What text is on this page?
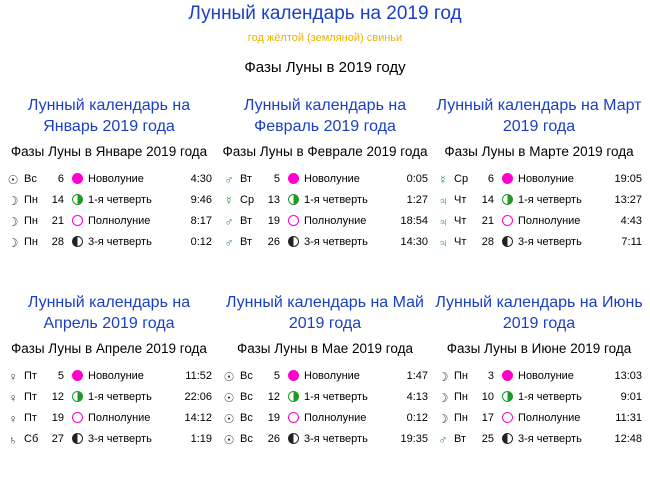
Лунный календарь на 2019 год
год жёлтой (земляной) свиньи
Фазы Луны в 2019 году
Лунный календарь на Январь 2019 года
Фазы Луны в Январе 2019 года
☉ Вс	6 Новолуние	4:30
☽ Пн	14 1-я четверть	9:46
☽ Пн	21 Полнолуние	8:17
☽ Пн	28 3-я четверть	0:12
Лунный календарь на Февраль 2019 года
Фазы Луны в Феврале 2019 года
♂ Вт	5 Новолуние	0:05
☿ Ср	13 1-я четверть	1:27
♂ Вт	19 Полнолуние	18:54
♂ Вт	26 3-я четверть	14:30
Лунный календарь на Март 2019 года
Фазы Луны в Марте 2019 года
☿ Ср	6 Новолуние	19:05
♃ Чт	14 1-я четверть	13:27
♃ Чт	21 Полнолуние	4:43
♃ Чт	28 3-я четверть	7:11
Лунный календарь на Апрель 2019 года
Фазы Луны в Апреле 2019 года
♀ Пт	5 Новолуние	11:52
♀ Пт	12 1-я четверть	22:06
♀ Пт	19 Полнолуние	14:12
♄ Сб	27 3-я четверть	1:19
Лунный календарь на Май 2019 года
Фазы Луны в Мае 2019 года
☉ Вс	5 Новолуние	1:47
☉ Вс	12 1-я четверть	4:13
☉ Вс	19 Полнолуние	0:12
☉ Вс	26 3-я четверть	19:35
Лунный календарь на Июнь 2019 года
Фазы Луны в Июне 2019 года
☽ Пн	3 Новолуние	13:03
☽ Пн	10 1-я четверть	9:01
☽ Пн	17 Полнолуние	11:31
♂ Вт	25 3-я четверть	12:48
